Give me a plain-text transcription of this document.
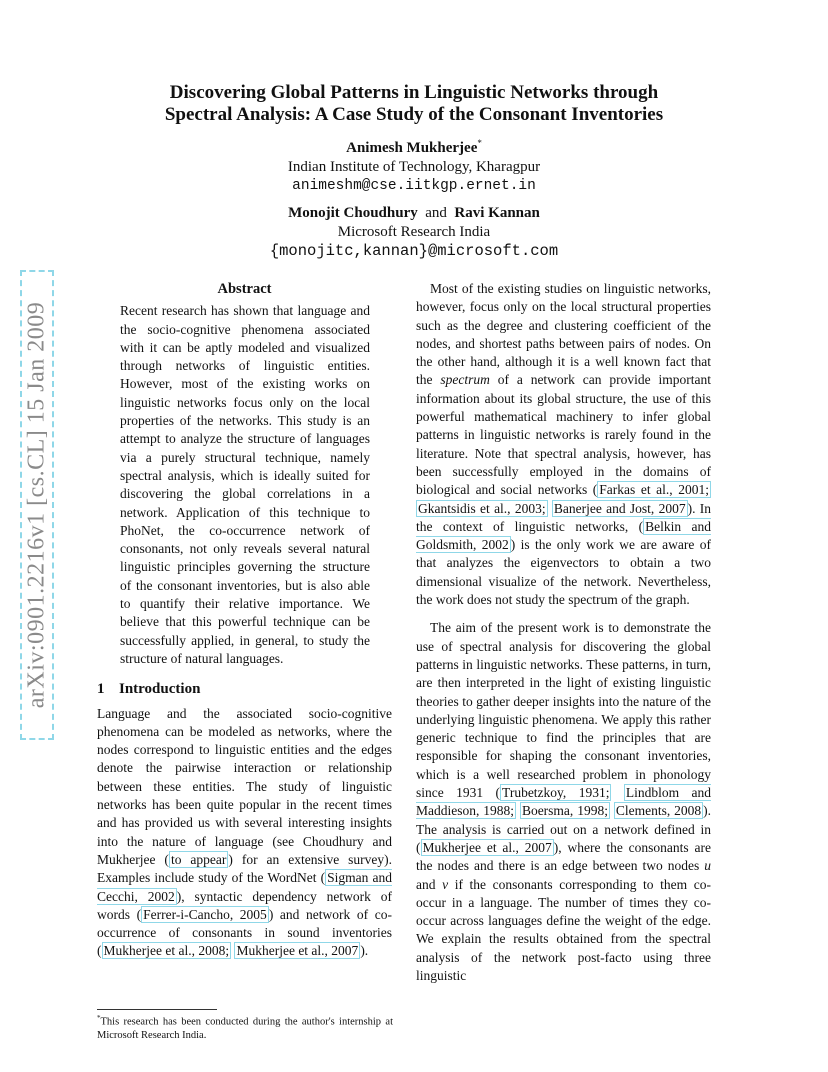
Discovering Global Patterns in Linguistic Networks through
Spectral Analysis: A Case Study of the Consonant Inventories
Animesh Mukherjee*
Indian Institute of Technology, Kharagpur
animeshm@cse.iitkgp.ernet.in
Monojit Choudhury and Ravi Kannan
Microsoft Research India
{monojitc,kannan}@microsoft.com
arXiv:0901.2216v1 [cs.CL] 15 Jan 2009
Abstract

Recent research has shown that language and the socio-cognitive phenomena associated with it can be aptly modeled and visualized through networks of linguistic entities. However, most of the existing works on linguistic networks focus only on the local properties of the networks. This study is an attempt to analyze the structure of languages via a purely structural technique, namely spectral analysis, which is ideally suited for discovering the global correlations in a network. Application of this technique to PhoNet, the co-occurrence network of consonants, not only reveals several natural linguistic principles governing the structure of the consonant inventories, but is also able to quantify their relative importance. We believe that this powerful technique can be successfully applied, in general, to study the structure of natural languages.

1 Introduction

Language and the associated socio-cognitive phenomena can be modeled as networks, where the nodes correspond to linguistic entities and the edges denote the pairwise interaction or relationship between these entities. The study of linguistic networks has been quite popular in the recent times and has provided us with several interesting insights into the nature of language (see Choudhury and Mukherjee ( to appear ) for an extensive survey). Examples include study of the WordNet ( Sigman and Cecchi, 2002 ), syntactic dependency network of words ( Ferrer-i-Cancho, 2005 ) and network of co-occurrence of consonants in sound inventories ( Mukherjee et al., 2008; Mukherjee et al., 2007 ).

*This research has been conducted during the author's internship at Microsoft Research India.

Most of the existing studies on linguistic networks, however, focus only on the local structural properties such as the degree and clustering coefficient of the nodes, and shortest paths between pairs of nodes. On the other hand, although it is a well known fact that the spectrum of a network can provide important information about its global structure, the use of this powerful mathematical machinery to infer global patterns in linguistic networks is rarely found in the literature. Note that spectral analysis, however, has been successfully employed in the domains of biological and social networks ( Farkas et al., 2001; Gkantsidis et al., 2003; Banerjee and Jost, 2007 ). In the context of linguistic networks, ( Belkin and Goldsmith, 2002 ) is the only work we are aware of that analyzes the eigenvectors to obtain a two dimensional visualize of the network. Nevertheless, the work does not study the spectrum of the graph.

The aim of the present work is to demonstrate the use of spectral analysis for discovering the global patterns in linguistic networks. These patterns, in turn, are then interpreted in the light of existing linguistic theories to gather deeper insights into the nature of the underlying linguistic phenomena. We apply this rather generic technique to find the principles that are responsible for shaping the consonant inventories, which is a well researched problem in phonology since 1931 ( Trubetzkoy, 1931; Lindblom and Maddieson, 1988; Boersma, 1998; Clements, 2008 ). The analysis is carried out on a network defined in ( Mukherjee et al., 2007 ), where the consonants are the nodes and there is an edge between two nodes u and v if the consonants corresponding to them co-occur in a language. The number of times they co-occur across languages define the weight of the edge. We explain the results obtained from the spectral analysis of the network post-facto using three linguistic
